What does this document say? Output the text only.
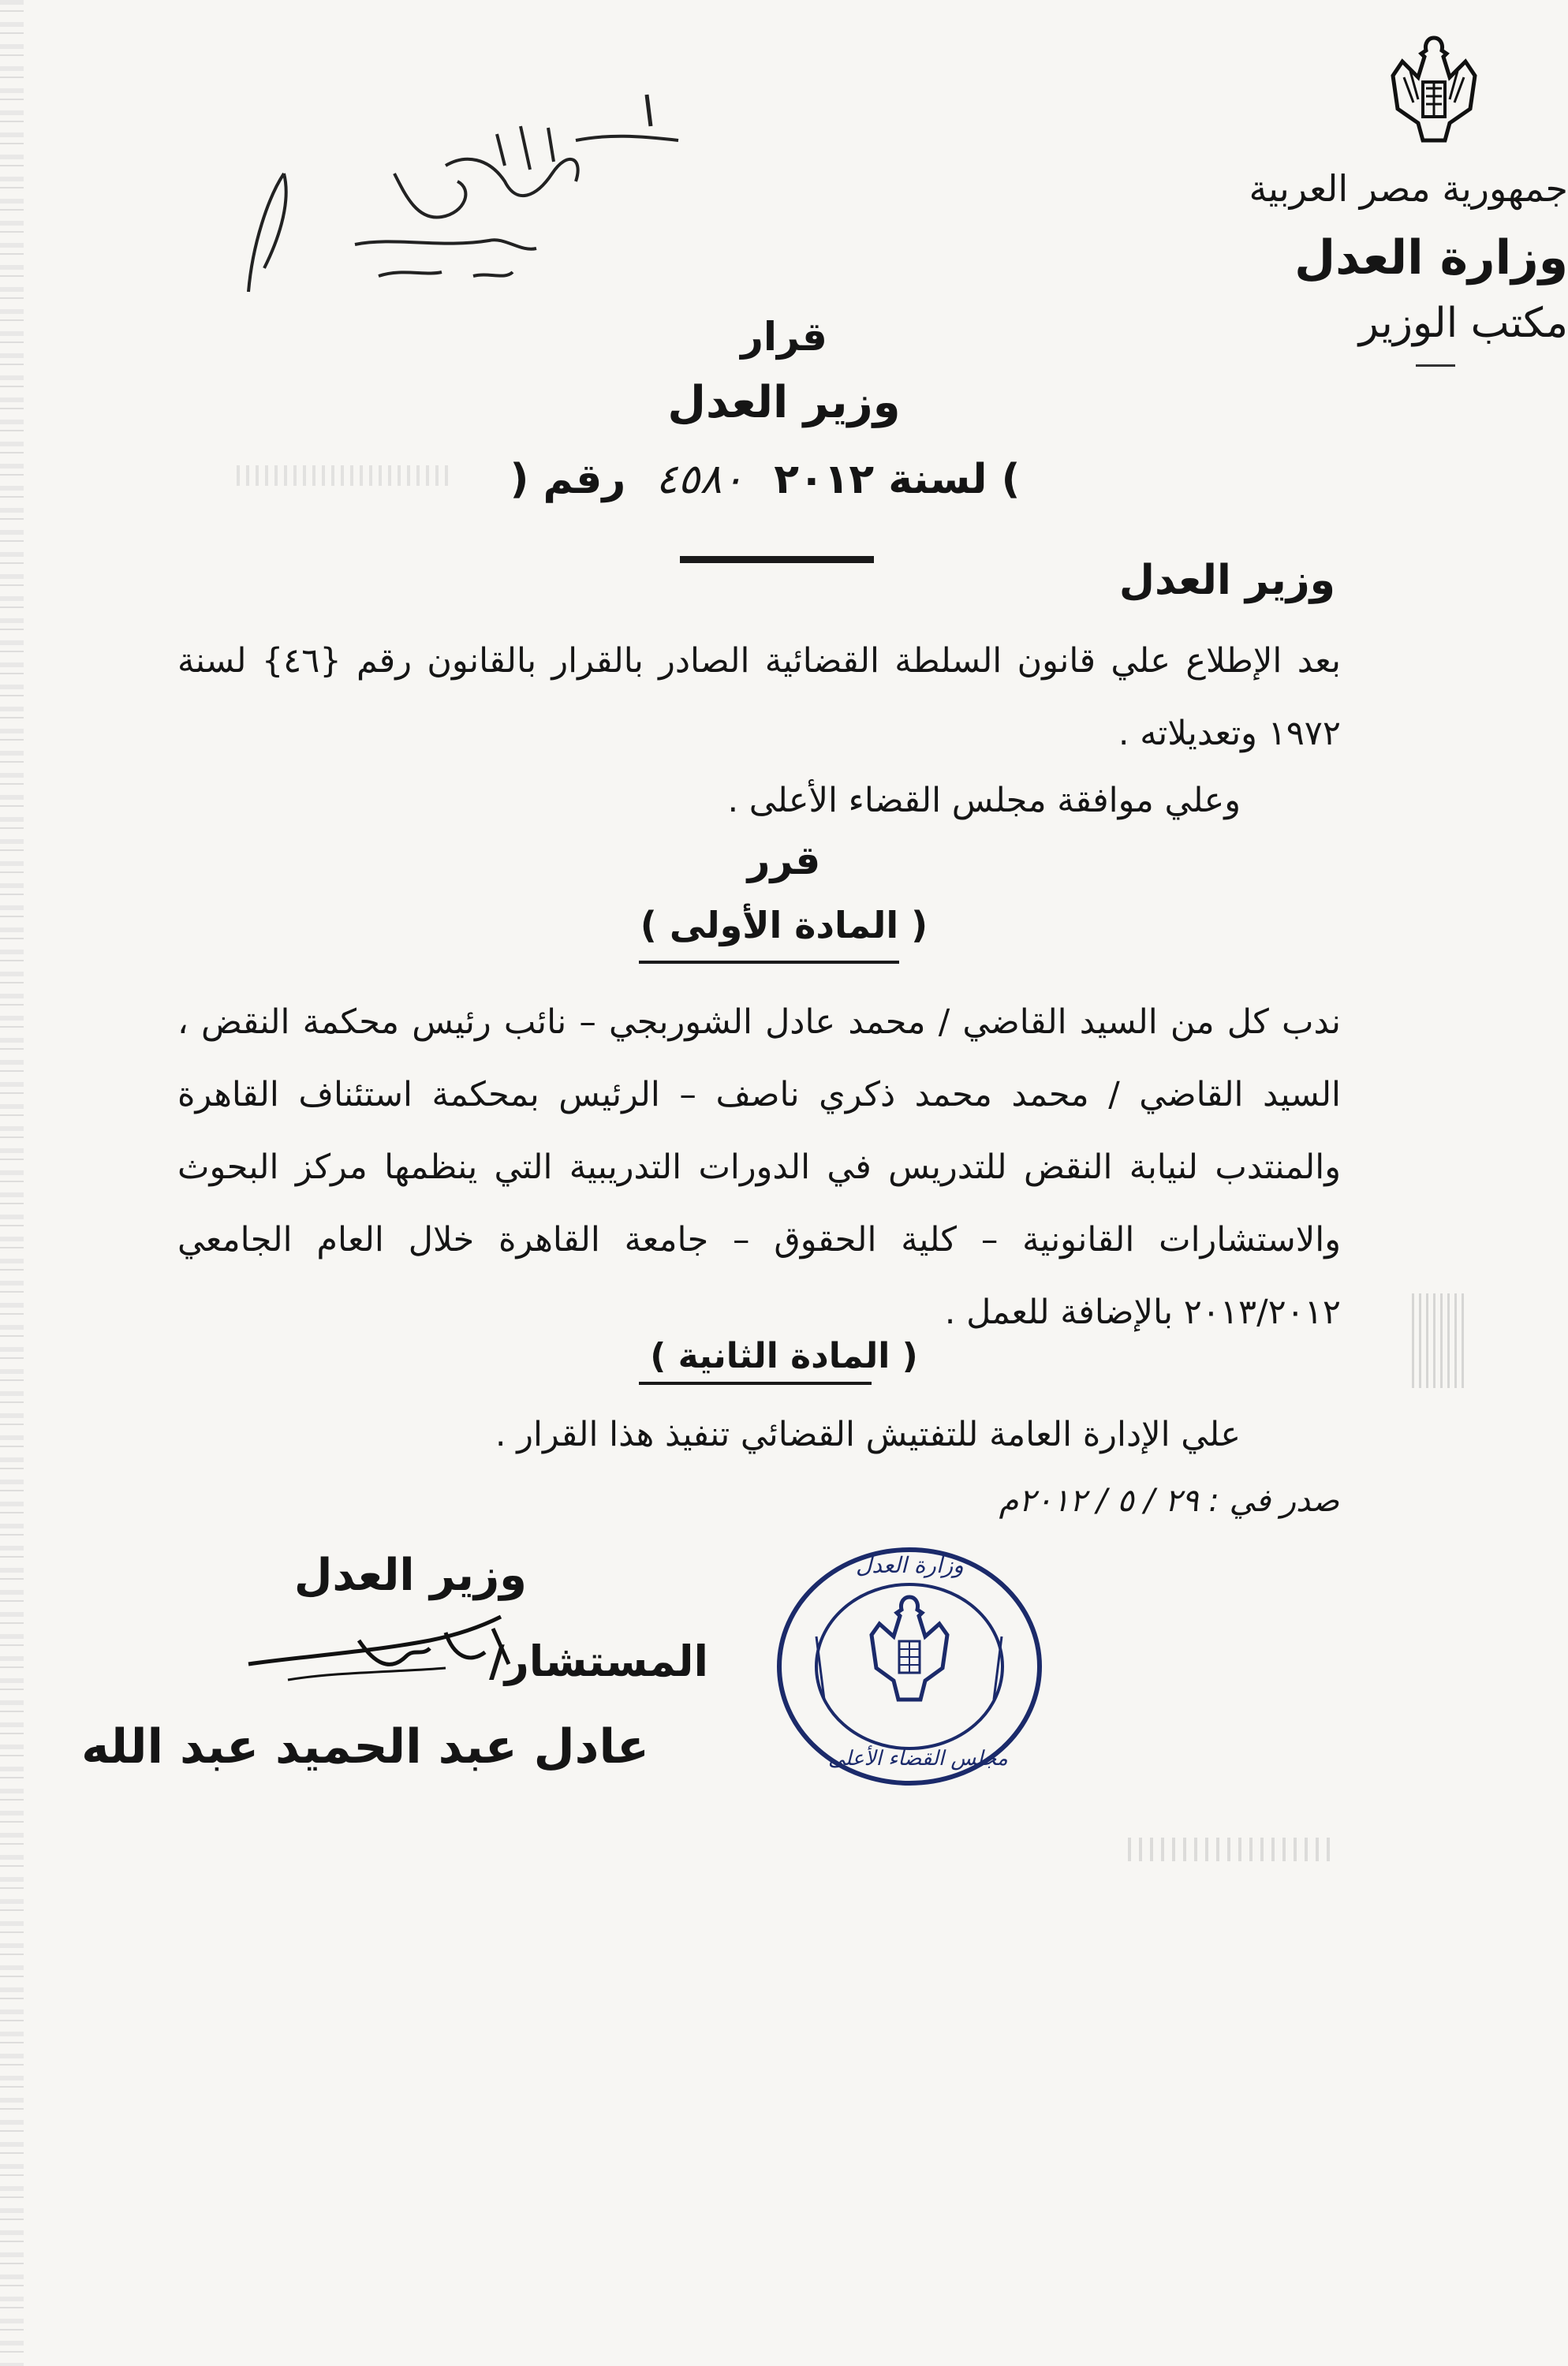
جمهورية مصر العربية
وزارة العدل
مكتب الوزير
قرار
وزير العدل
رقم ( ٤٥٨٠ ) لسنة ٢٠١٢
وزير العدل
بعد الإطلاع علي قانون السلطة القضائية الصادر بالقرار بالقانون رقم {٤٦} لسنة ١٩٧٢ وتعديلاته .
وعلي موافقة مجلس القضاء الأعلى .
قرر
( المادة الأولى )
ندب كل من السيد القاضي / محمد عادل الشوربجي – نائب رئيس محكمة النقض ، السيد القاضي / محمد محمد ذكري ناصف – الرئيس بمحكمة استئناف القاهرة والمنتدب لنيابة النقض للتدريس في الدورات التدريبية التي ينظمها مركز البحوث والاستشارات القانونية – كلية الحقوق – جامعة القاهرة خلال العام الجامعي ٢٠١٣/٢٠١٢ بالإضافة للعمل .
( المادة الثانية )
علي الإدارة العامة للتفتيش القضائي تنفيذ هذا القرار .
صدر في : ٢٩ / ٥ / ٢٠١٢م
وزير العدل
المستشار/
عادل عبد الحميد عبد الله
وزارة العدل
مجلس القضاء الأعلى
